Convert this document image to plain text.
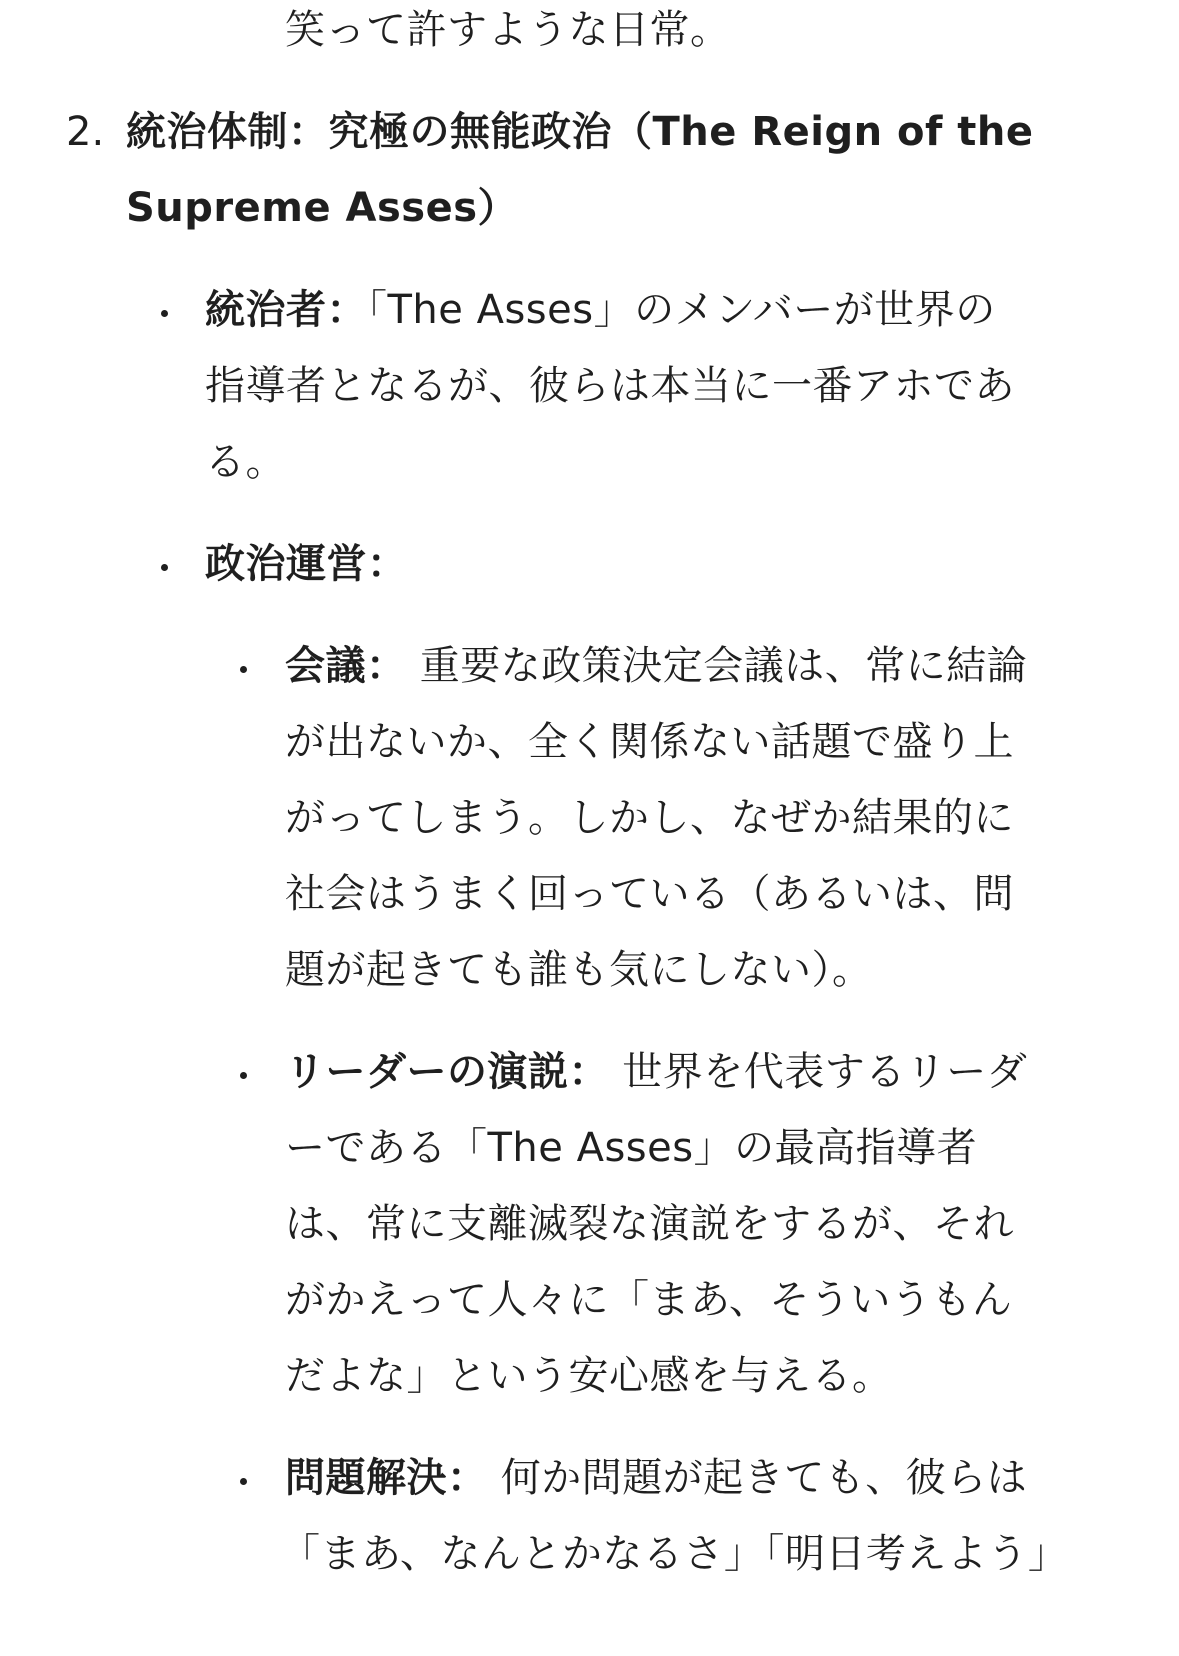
笑って許すような日常。
2. 統治体制：究極の無能政治（The Reign of the
Supreme Asses）
統治者：「The Asses」のメンバーが世界の
指導者となるが、彼らは本当に一番アホであ
る。
政治運営：
会議： 重要な政策決定会議は、常に結論
が出ないか、全く関係ない話題で盛り上
がってしまう。しかし、なぜか結果的に
社会はうまく回っている（あるいは、問
題が起きても誰も気にしない）。
リーダーの演説： 世界を代表するリーダ
ーである「The Asses」の最高指導者
は、常に支離滅裂な演説をするが、それ
がかえって人々に「まあ、そういうもん
だよな」という安心感を与える。
問題解決： 何か問題が起きても、彼らは
「まあ、なんとかなるさ」「明日考えよう」
